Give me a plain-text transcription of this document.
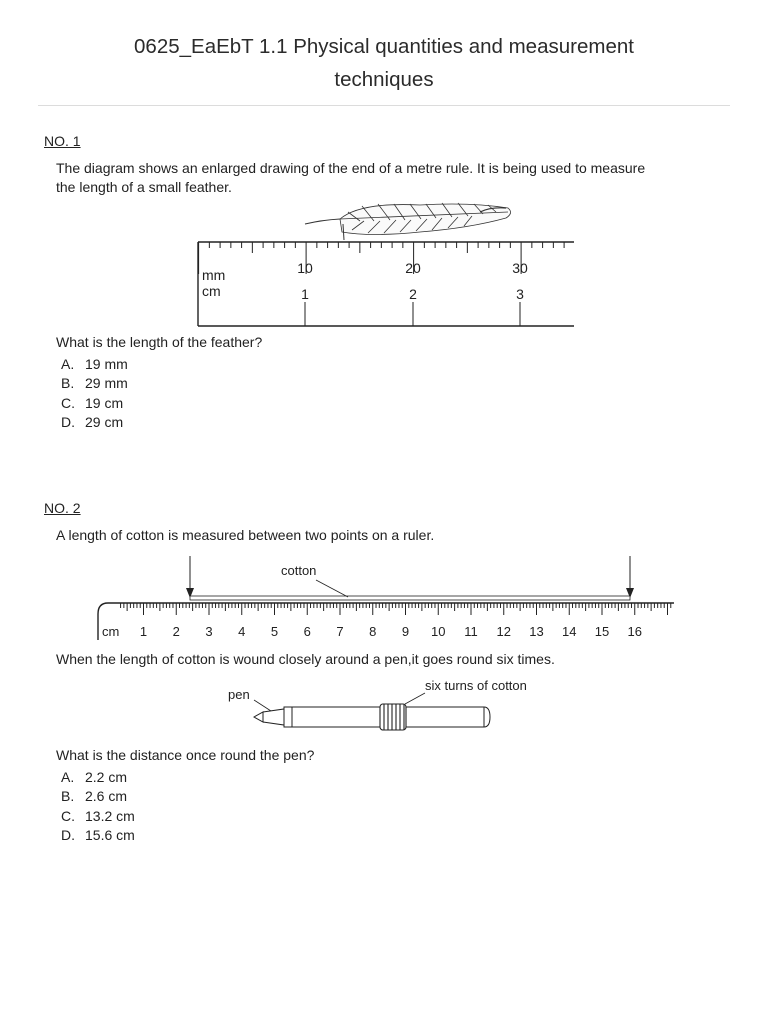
0625_EaEbT 1.1 Physical quantities and measurement
techniques
NO. 1
The diagram shows an enlarged drawing of the end of a metre rule. It is being used to measure
the length of a small feather.
mm
cm
10	20	30
1	2	3
What is the length of the feather?
A. 19 mm
B. 29 mm
C. 19 cm
D. 29 cm
NO. 2
A length of cotton is measured between two points on a ruler.
cotton
cm 1 2 3 4 5 6 7 8 9 10 11 12 13 14 15 16
When the length of cotton is wound closely around a pen,it goes round six times.
pen
six turns of cotton
What is the distance once round the pen?
A. 2.2 cm
B. 2.6 cm
C. 13.2 cm
D. 15.6 cm
